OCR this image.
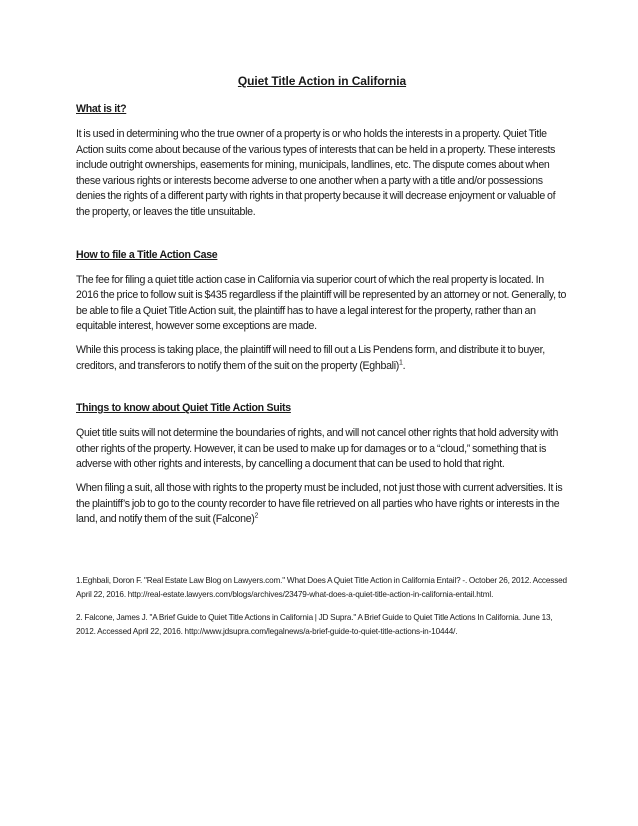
Quiet Title Action in California

What is it?

It is used in determining who the true owner of a property is or who holds the interests in a property. Quiet Title Action suits come about because of the various types of interests that can be held in a property. These interests include outright ownerships, easements for mining, municipals, landlines, etc. The dispute comes about when these various rights or interests become adverse to one another when a party with a title and/or possessions denies the rights of a different party with rights in that property because it will decrease enjoyment or valuable of the property, or leaves the title unsuitable.

How to file a Title Action Case

The fee for filing a quiet title action case in California via superior court of which the real property is located. In 2016 the price to follow suit is $435 regardless if the plaintiff will be represented by an attorney or not. Generally, to be able to file a Quiet Title Action suit, the plaintiff has to have a legal interest for the property, rather than an equitable interest, however some exceptions are made.

While this process is taking place, the plaintiff will need to fill out a Lis Pendens form, and distribute it to buyer, creditors, and transferors to notify them of the suit on the property (Eghbali)$^1$.

Things to know about Quiet Title Action Suits

Quiet title suits will not determine the boundaries of rights, and will not cancel other rights that hold adversity with other rights of the property. However, it can be used to make up for damages or to a “cloud,” something that is adverse with other rights and interests, by cancelling a document that can be used to hold that right.

When filing a suit, all those with rights to the property must be included, not just those with current adversities. It is the plaintiff’s job to go to the county recorder to have file retrieved on all parties who have rights or interests in the land, and notify them of the suit (Falcone)$^2$

1.Eghbali, Doron F. "Real Estate Law Blog on Lawyers.com." What Does A Quiet Title Action in California Entail? -. October 26, 2012. Accessed April 22, 2016. http://real-estate.lawyers.com/blogs/archives/23479-what-does-a-quiet-title-action-in-california-entail.html.

2. Falcone, James J. "A Brief Guide to Quiet Title Actions in California | JD Supra." A Brief Guide to Quiet Title Actions In California. June 13, 2012. Accessed April 22, 2016. http://www.jdsupra.com/legalnews/a-brief-guide-to-quiet-title-actions-in-10444/.
